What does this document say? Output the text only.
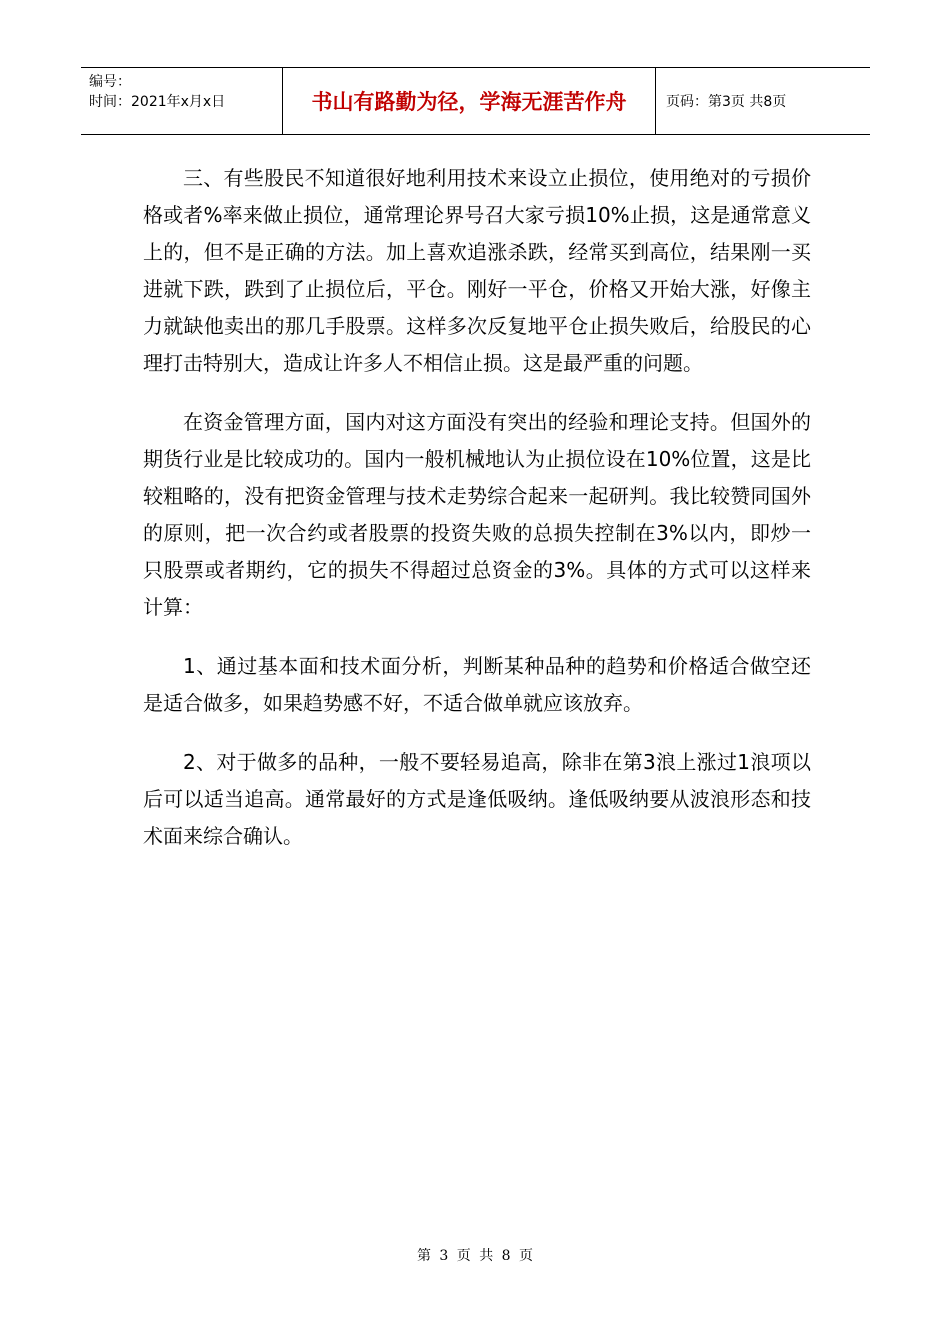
编号：
时间：2021年x月x日	书山有路勤为径，学海无涯苦作舟	页码：第3页 共8页

三、有些股民不知道很好地利用技术来设立止损位，使用绝对的亏损价格或者%率来做止损位，通常理论界号召大家亏损10%止损，这是通常意义上的，但不是正确的方法。加上喜欢追涨杀跌，经常买到高位，结果刚一买进就下跌，跌到了止损位后，平仓。刚好一平仓，价格又开始大涨，好像主力就缺他卖出的那几手股票。这样多次反复地平仓止损失败后，给股民的心理打击特别大，造成让许多人不相信止损。这是最严重的问题。

在资金管理方面，国内对这方面没有突出的经验和理论支持。但国外的期货行业是比较成功的。国内一般机械地认为止损位设在10%位置，这是比较粗略的，没有把资金管理与技术走势综合起来一起研判。我比较赞同国外的原则，把一次合约或者股票的投资失败的总损失控制在3%以内，即炒一只股票或者期约，它的损失不得超过总资金的3%。具体的方式可以这样来计算：

1、通过基本面和技术面分析，判断某种品种的趋势和价格适合做空还是适合做多，如果趋势感不好，不适合做单就应该放弃。

2、对于做多的品种，一般不要轻易追高，除非在第3浪上涨过1浪项以后可以适当追高。通常最好的方式是逢低吸纳。逢低吸纳要从波浪形态和技术面来综合确认。

第 3 页 共 8 页
